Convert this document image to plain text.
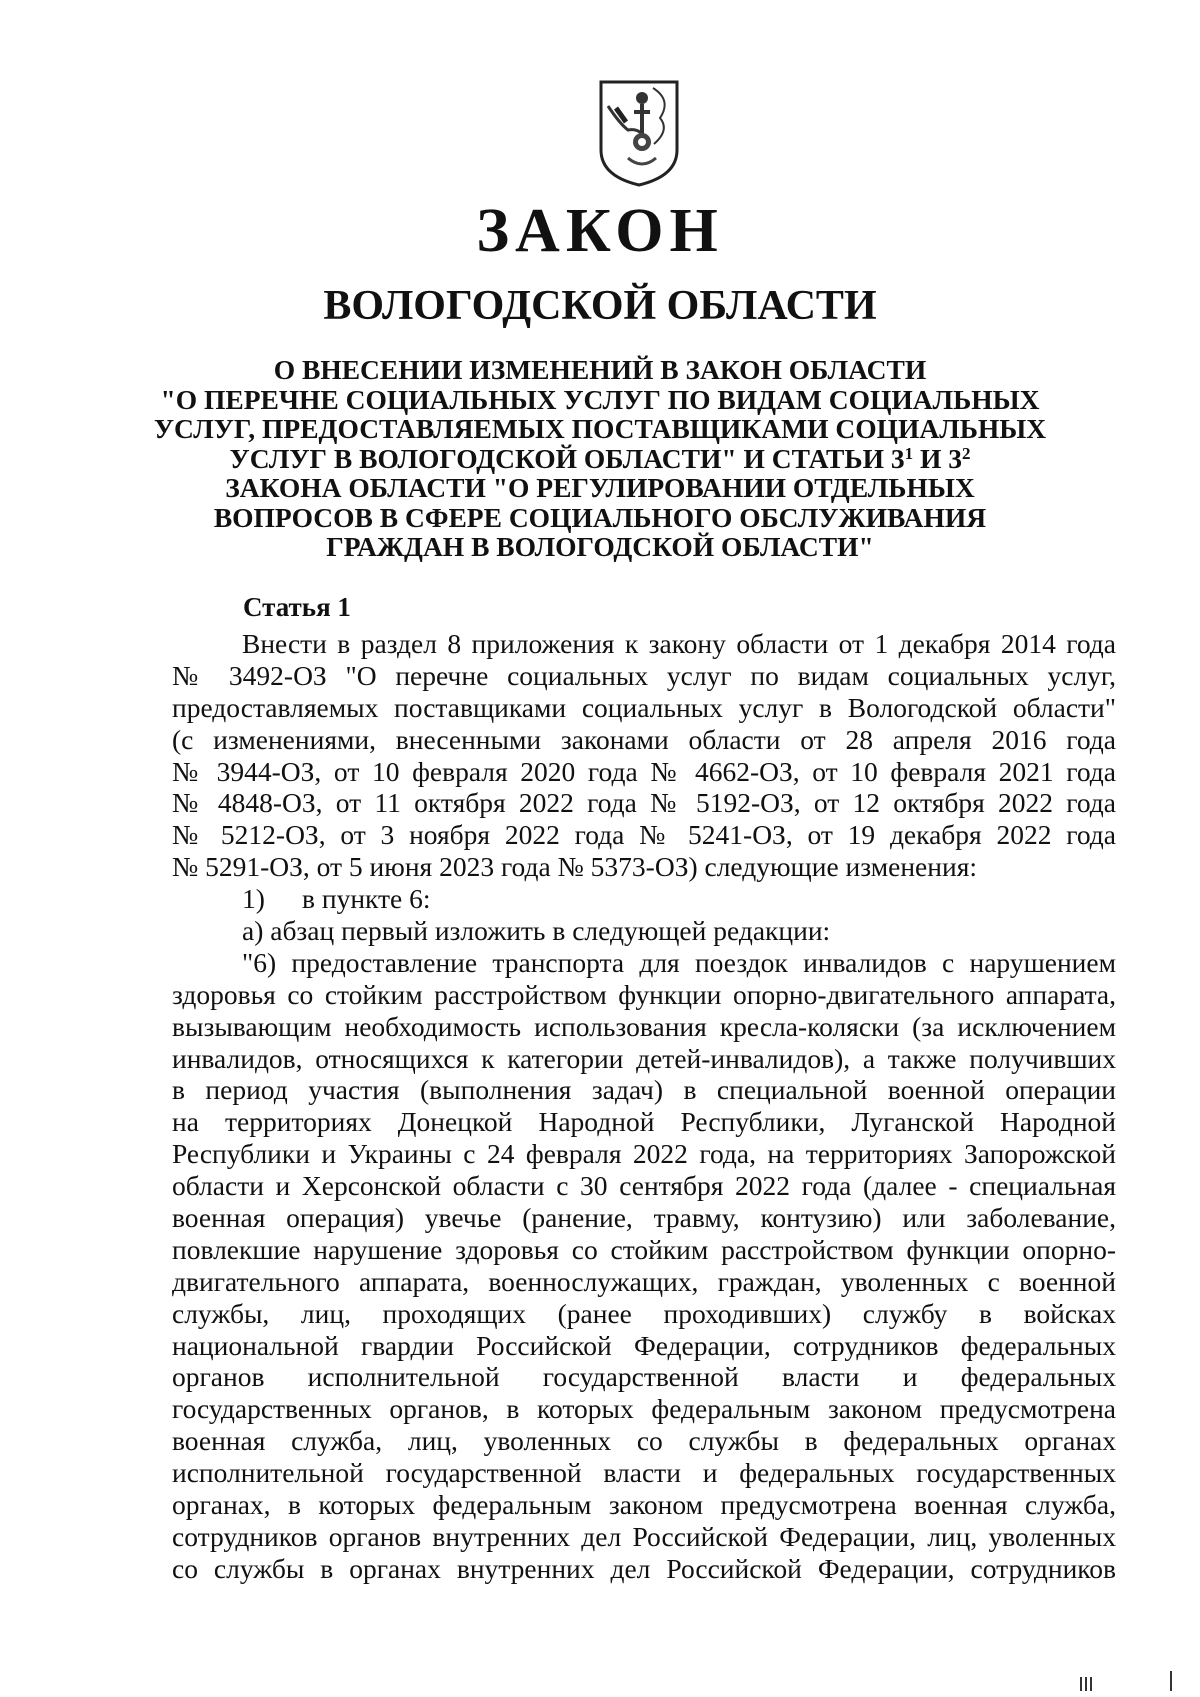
ЗАКОН
ВОЛОГОДСКОЙ ОБЛАСТИ
О ВНЕСЕНИИ ИЗМЕНЕНИЙ В ЗАКОН ОБЛАСТИ
"О ПЕРЕЧНЕ СОЦИАЛЬНЫХ УСЛУГ ПО ВИДАМ СОЦИАЛЬНЫХ
УСЛУГ, ПРЕДОСТАВЛЯЕМЫХ ПОСТАВЩИКАМИ СОЦИАЛЬНЫХ
УСЛУГ В ВОЛОГОДСКОЙ ОБЛАСТИ" И СТАТЬИ $3^1$ И $3^2$
ЗАКОНА ОБЛАСТИ "О РЕГУЛИРОВАНИИ ОТДЕЛЬНЫХ
ВОПРОСОВ В СФЕРЕ СОЦИАЛЬНОГО ОБСЛУЖИВАНИЯ
ГРАЖДАН В ВОЛОГОДСКОЙ ОБЛАСТИ"
Статья 1
Внести в раздел 8 приложения к закону области от 1 декабря 2014 года
№ 3492-ОЗ "О перечне социальных услуг по видам социальных услуг,
предоставляемых поставщиками социальных услуг в Вологодской области"
(с изменениями, внесенными законами области от 28 апреля 2016 года
№ 3944-ОЗ, от 10 февраля 2020 года № 4662-ОЗ, от 10 февраля 2021 года
№ 4848-ОЗ, от 11 октября 2022 года № 5192-ОЗ, от 12 октября 2022 года
№ 5212-ОЗ, от 3 ноября 2022 года № 5241-ОЗ, от 19 декабря 2022 года
№ 5291-ОЗ, от 5 июня 2023 года № 5373-ОЗ) следующие изменения:
1) в пункте 6:
а) абзац первый изложить в следующей редакции:
"6) предоставление транспорта для поездок инвалидов с нарушением
здоровья со стойким расстройством функции опорно-двигательного аппарата,
вызывающим необходимость использования кресла-коляски (за исключением
инвалидов, относящихся к категории детей-инвалидов), а также получивших
в период участия (выполнения задач) в специальной военной операции
на территориях Донецкой Народной Республики, Луганской Народной
Республики и Украины с 24 февраля 2022 года, на территориях Запорожской
области и Херсонской области с 30 сентября 2022 года (далее - специальная
военная операция) увечье (ранение, травму, контузию) или заболевание,
повлекшие нарушение здоровья со стойким расстройством функции опорно-
двигательного аппарата, военнослужащих, граждан, уволенных с военной
службы, лиц, проходящих (ранее проходивших) службу в войсках
национальной гвардии Российской Федерации, сотрудников федеральных
органов исполнительной государственной власти и федеральных
государственных органов, в которых федеральным законом предусмотрена
военная служба, лиц, уволенных со службы в федеральных органах
исполнительной государственной власти и федеральных государственных
органах, в которых федеральным законом предусмотрена военная служба,
сотрудников органов внутренних дел Российской Федерации, лиц, уволенных
со службы в органах внутренних дел Российской Федерации, сотрудников
